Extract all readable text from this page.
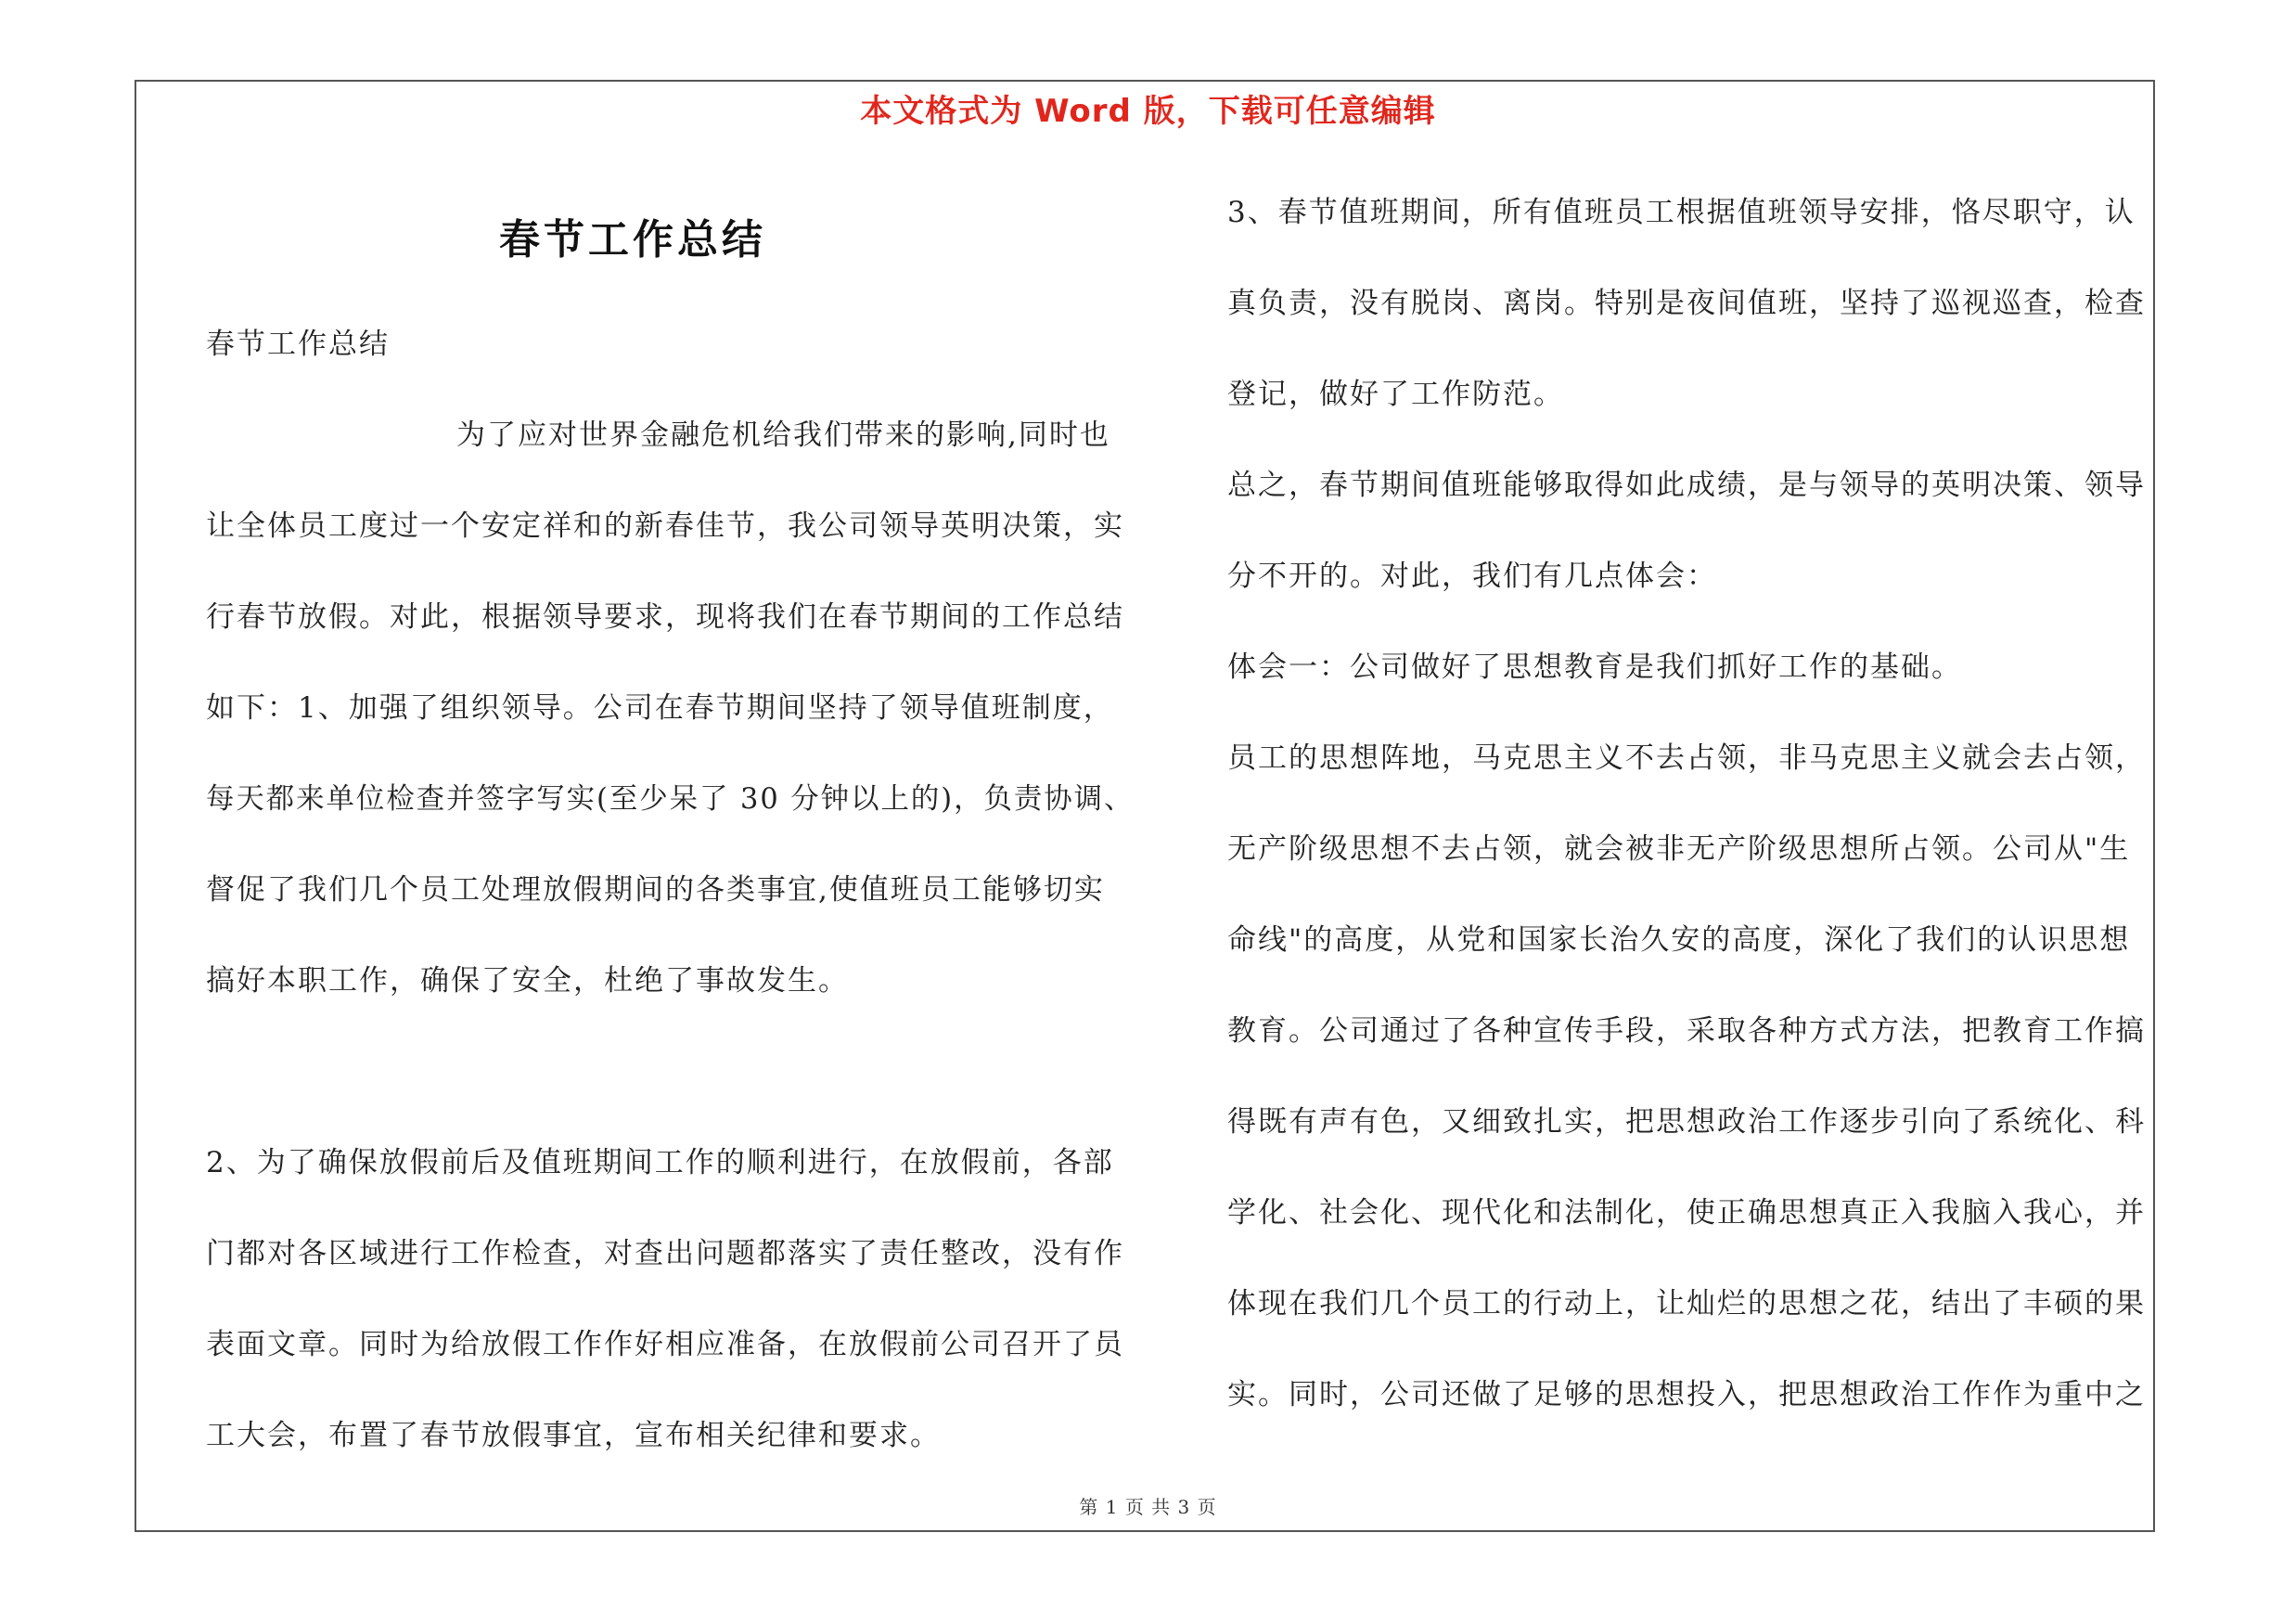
本文格式为 Word 版，下载可任意编辑
春节工作总结
春节工作总结
为了应对世界金融危机给我们带来的影响,同时也
让全体员工度过一个安定祥和的新春佳节，我公司领导英明决策，实
行春节放假。对此，根据领导要求，现将我们在春节期间的工作总结
如下：1、加强了组织领导。公司在春节期间坚持了领导值班制度，
每天都来单位检查并签字写实(至少呆了 30 分钟以上的)，负责协调、
督促了我们几个员工处理放假期间的各类事宜,使值班员工能够切实
搞好本职工作，确保了安全，杜绝了事故发生。
2、为了确保放假前后及值班期间工作的顺利进行，在放假前，各部
门都对各区域进行工作检查，对查出问题都落实了责任整改，没有作
表面文章。同时为给放假工作作好相应准备，在放假前公司召开了员
工大会，布置了春节放假事宜，宣布相关纪律和要求。
3、春节值班期间，所有值班员工根据值班领导安排，恪尽职守，认
真负责，没有脱岗、离岗。特别是夜间值班，坚持了巡视巡查，检查
登记，做好了工作防范。
总之，春节期间值班能够取得如此成绩，是与领导的英明决策、领导
分不开的。对此，我们有几点体会：
体会一：公司做好了思想教育是我们抓好工作的基础。
员工的思想阵地，马克思主义不去占领，非马克思主义就会去占领，
无产阶级思想不去占领，就会被非无产阶级思想所占领。公司从"生
命线"的高度，从党和国家长治久安的高度，深化了我们的认识思想
教育。公司通过了各种宣传手段，采取各种方式方法，把教育工作搞
得既有声有色，又细致扎实，把思想政治工作逐步引向了系统化、科
学化、社会化、现代化和法制化，使正确思想真正入我脑入我心，并
体现在我们几个员工的行动上，让灿烂的思想之花，结出了丰硕的果
实。同时，公司还做了足够的思想投入，把思想政治工作作为重中之
第 1 页 共 3 页
